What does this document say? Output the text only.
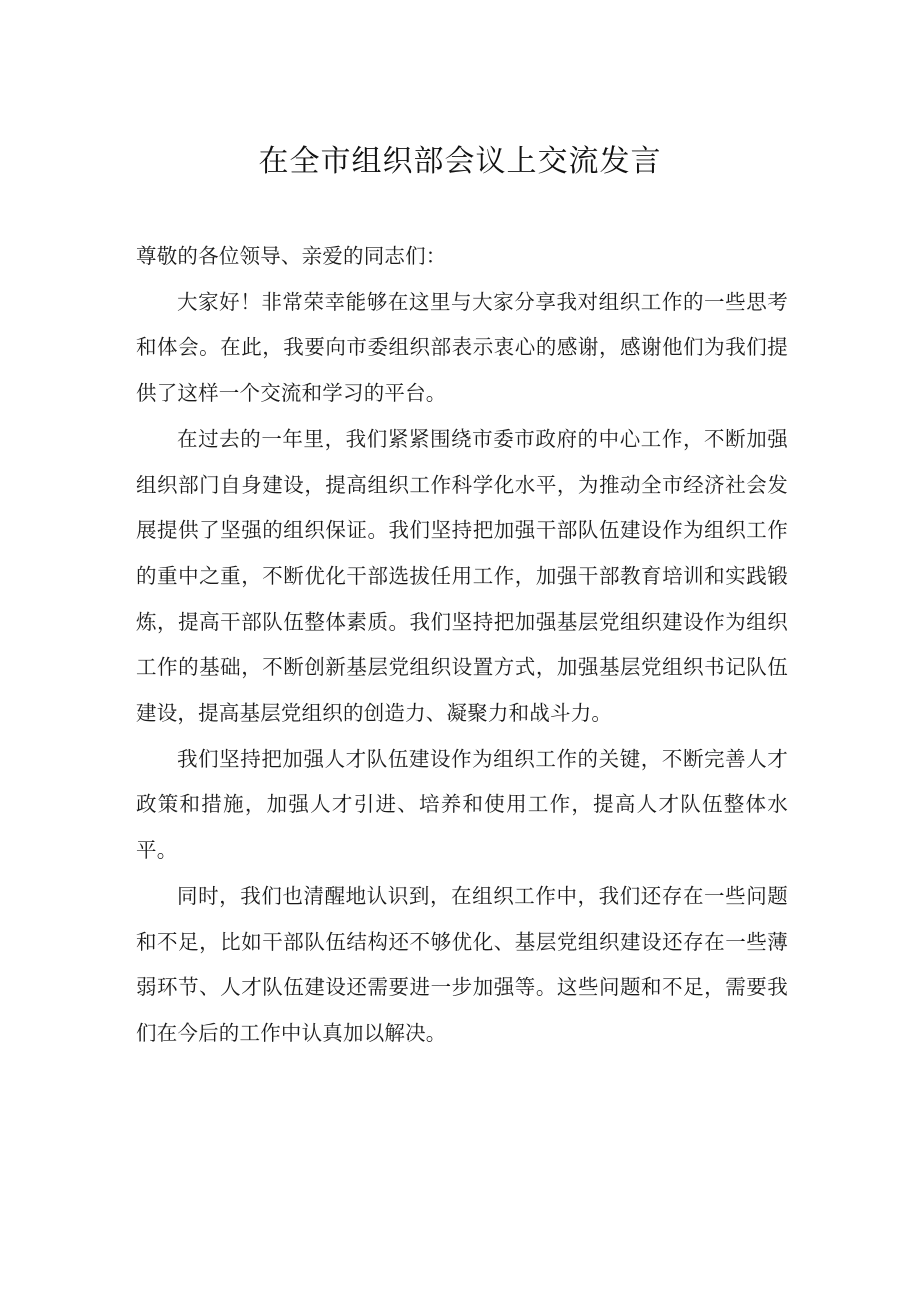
在全市组织部会议上交流发言

尊敬的各位领导、亲爱的同志们：

大家好！非常荣幸能够在这里与大家分享我对组织工作的一些思考和体会。在此，我要向市委组织部表示衷心的感谢，感谢他们为我们提供了这样一个交流和学习的平台。

在过去的一年里，我们紧紧围绕市委市政府的中心工作，不断加强组织部门自身建设，提高组织工作科学化水平，为推动全市经济社会发展提供了坚强的组织保证。我们坚持把加强干部队伍建设作为组织工作的重中之重，不断优化干部选拔任用工作，加强干部教育培训和实践锻炼，提高干部队伍整体素质。我们坚持把加强基层党组织建设作为组织工作的基础，不断创新基层党组织设置方式，加强基层党组织书记队伍建设，提高基层党组织的创造力、凝聚力和战斗力。

我们坚持把加强人才队伍建设作为组织工作的关键，不断完善人才政策和措施，加强人才引进、培养和使用工作，提高人才队伍整体水平。

同时，我们也清醒地认识到，在组织工作中，我们还存在一些问题和不足，比如干部队伍结构还不够优化、基层党组织建设还存在一些薄弱环节、人才队伍建设还需要进一步加强等。这些问题和不足，需要我们在今后的工作中认真加以解决。
